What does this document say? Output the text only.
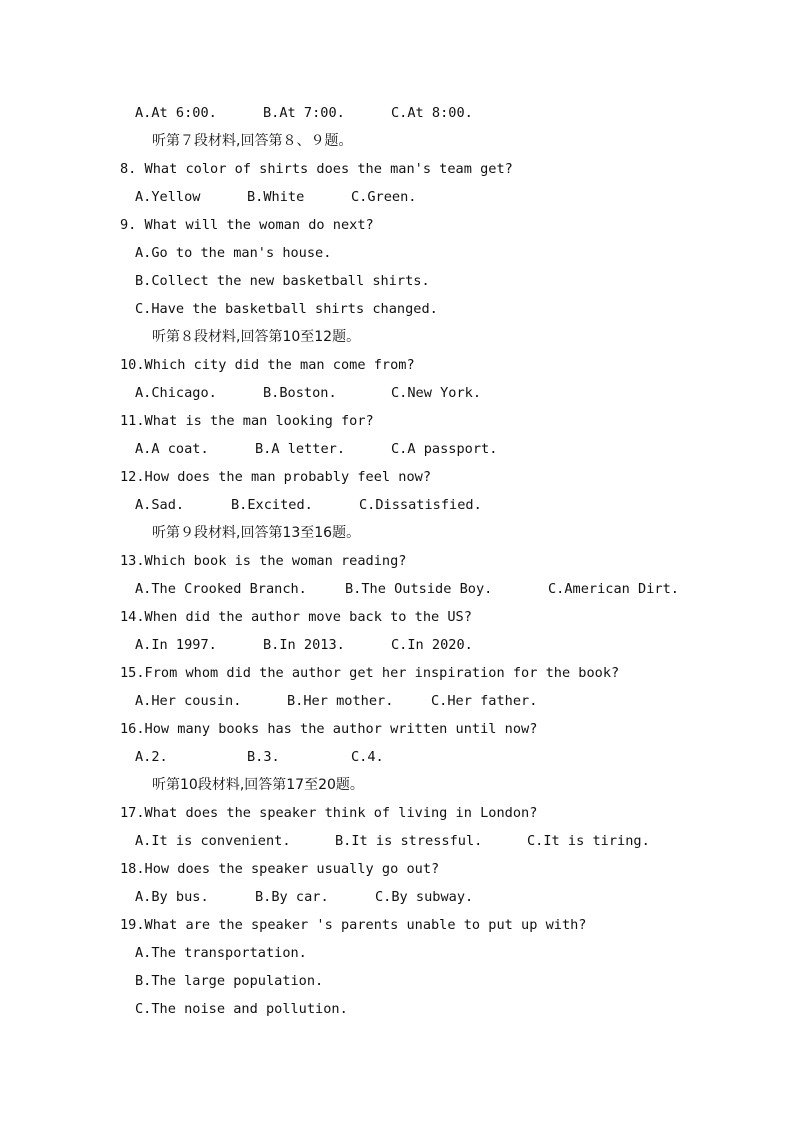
A.At 6:00.

	B.At 7:00.

	C.At 8:00.

听第７段材料,回答第８、９题。
8. What color of shirts does the man's team get?

A.Yellow

	B.White

	C.Green.

9. What will the woman do next?
A.Go to the man's house.
B.Collect the new basketball shirts.
C.Have the basketball shirts changed.
听第８段材料,回答第10至12题。
10.Which city did the man come from?

A.Chicago.

	B.Boston.

	C.New York.

11.What is the man looking for?

A.A coat.

	B.A letter.

	C.A passport.

12.How does the man probably feel now?

A.Sad.

	B.Excited.

	C.Dissatisfied.

听第９段材料,回答第13至16题。
13.Which book is the woman reading?

A.The Crooked Branch.

	B.The Outside Boy.

	C.American Dirt.

14.When did the author move back to the US?

A.In 1997.

	B.In 2013.

	C.In 2020.

15.From whom did the author get her inspiration for the book?

A.Her cousin.

	B.Her mother.

	C.Her father.

16.How many books has the author written until now?

A.2.

	B.3.

	C.4.

听第10段材料,回答第17至20题。
17.What does the speaker think of living in London?

A.It is convenient.

	B.It is stressful.

	C.It is tiring.

18.How does the speaker usually go out?

A.By bus.

	B.By car.

	C.By subway.

19.What are the speaker 's parents unable to put up with?
A.The transportation.
B.The large population.
C.The noise and pollution.
